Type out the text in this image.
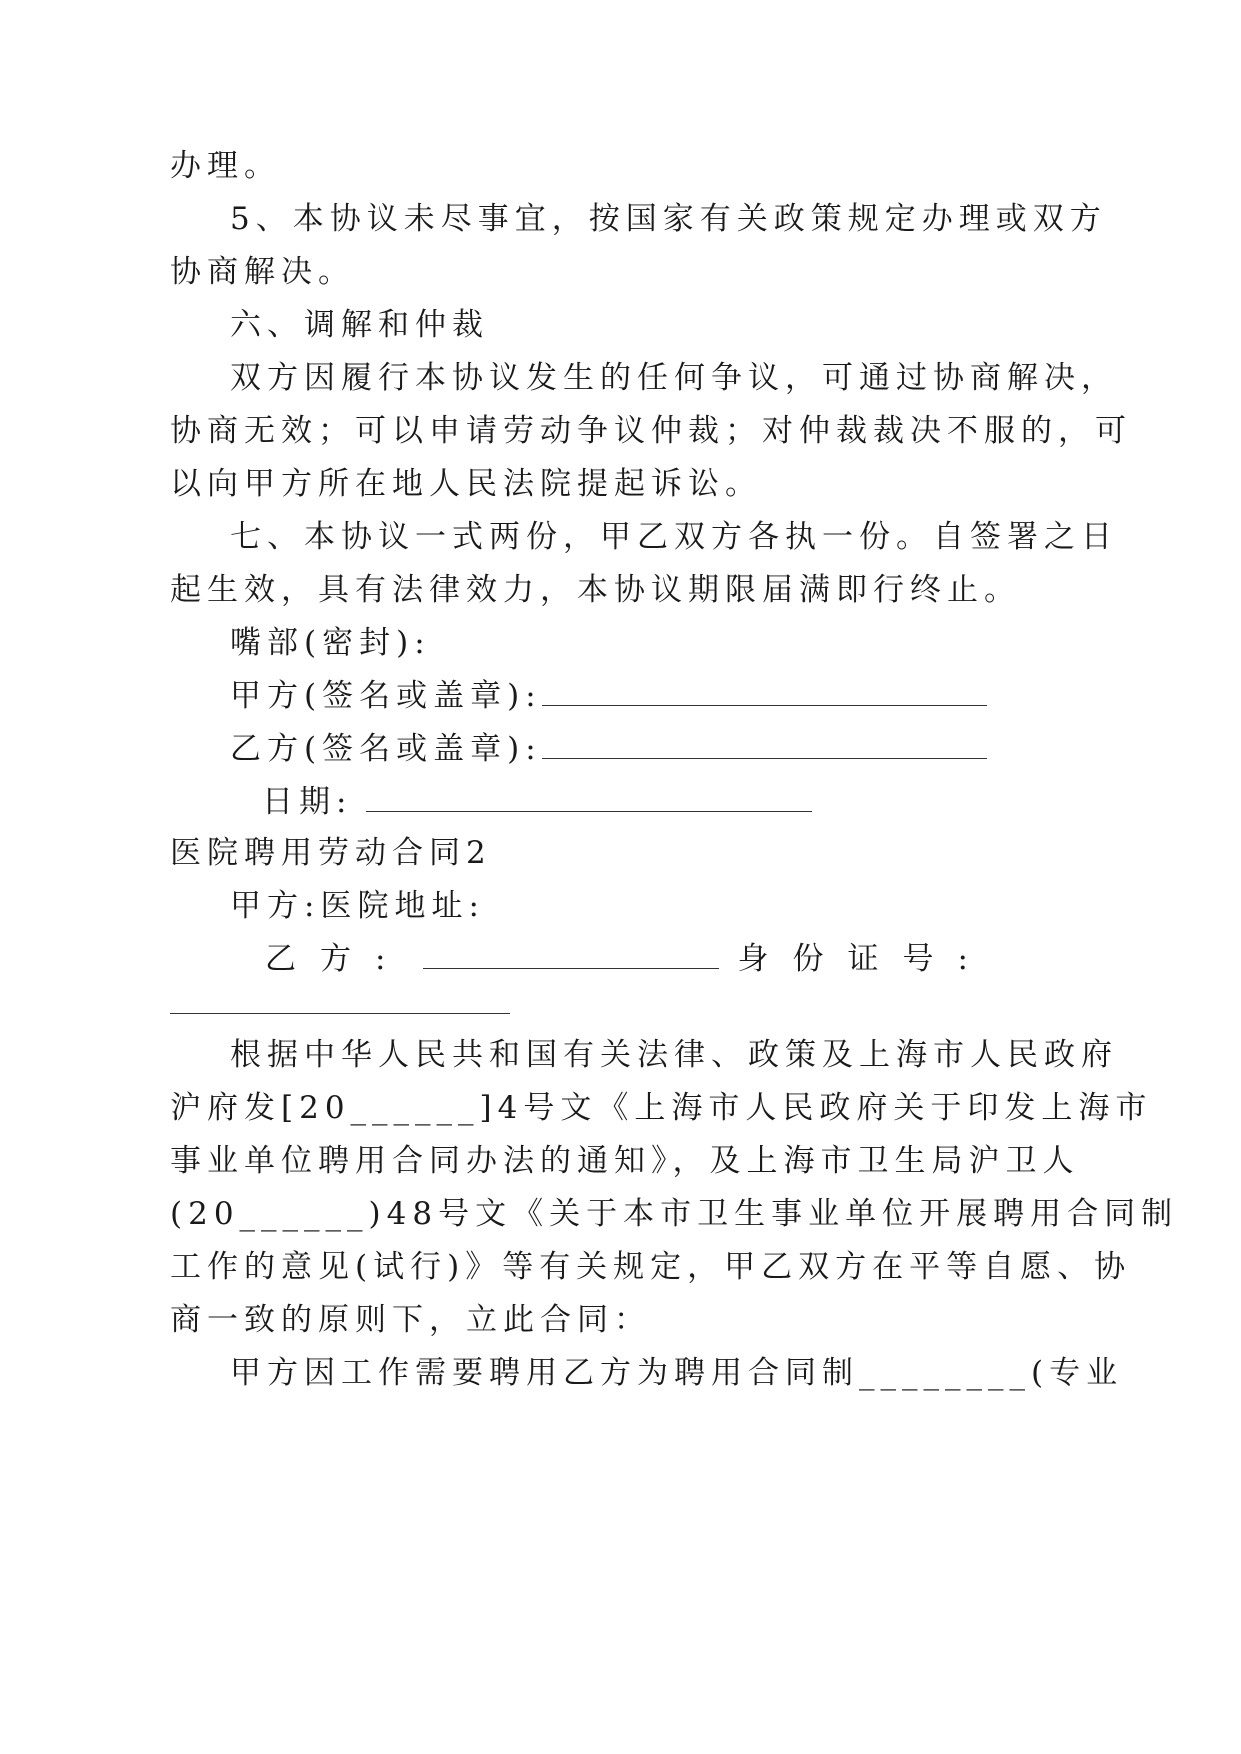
办理。
5、本协议未尽事宜，按国家有关政策规定办理或双方
协商解决。
六、调解和仲裁
双方因履行本协议发生的任何争议，可通过协商解决，
协商无效；可以申请劳动争议仲裁；对仲裁裁决不服的，可
以向甲方所在地人民法院提起诉讼。
七、本协议一式两份，甲乙双方各执一份。自签署之日
起生效，具有法律效力，本协议期限届满即行终止。
嘴部(密封):
甲方(签名或盖章):
乙方(签名或盖章):
日期:
医院聘用劳动合同2
甲方:医院地址:
乙方:	身份证号:
根据中华人民共和国有关法律、政策及上海市人民政府
沪府发[20______]4号文《上海市人民政府关于印发上海市
事业单位聘用合同办法的通知》，及上海市卫生局沪卫人
(20______)48号文《关于本市卫生事业单位开展聘用合同制
工作的意见(试行)》等有关规定，甲乙双方在平等自愿、协
商一致的原则下，立此合同：
甲方因工作需要聘用乙方为聘用合同制________(专业
